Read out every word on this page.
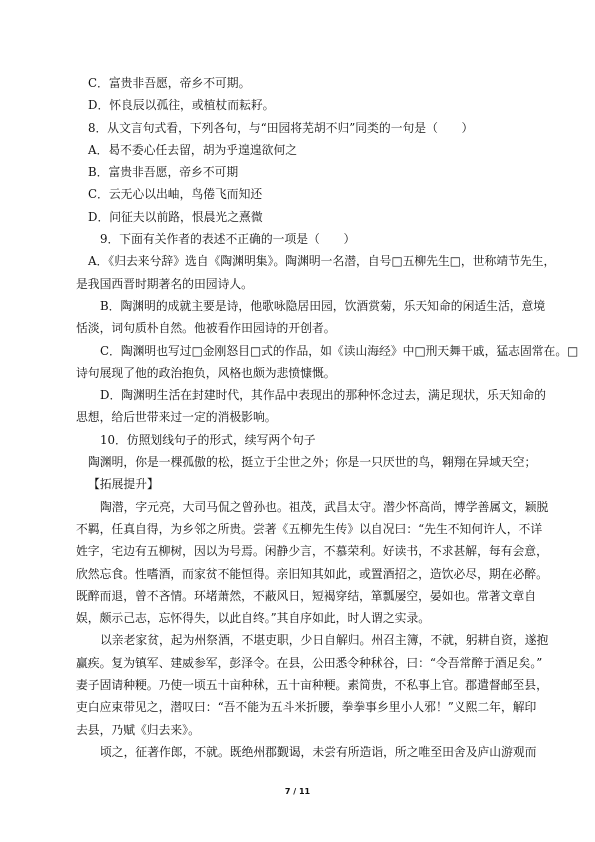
C．富贵非吾愿，帝乡不可期。
D．怀良辰以孤往，或植杖而耘耔。
8．从文言句式看，下列各句，与“田园将芜胡不归”同类的一句是（　　）
A．曷不委心任去留，胡为乎遑遑欲何之
B．富贵非吾愿，帝乡不可期
C．云无心以出岫，鸟倦飞而知还
D．问征夫以前路，恨晨光之熹微
9．下面有关作者的表述不正确的一项是（　　）
A．《归去来兮辞》选自《陶渊明集》。陶渊明一名潜，自号□五柳先生□，世称靖节先生，
是我国西晋时期著名的田园诗人。
B．陶渊明的成就主要是诗，他歌咏隐居田园，饮酒赏菊，乐天知命的闲适生活，意境
恬淡，词句质朴自然。他被看作田园诗的开创者。
C．陶渊明也写过□金刚怒目□式的作品，如《读山海经》中□刑天舞干戚，猛志固常在。□
诗句展现了他的政治抱负，风格也颇为悲愤慷慨。
D．陶渊明生活在封建时代，其作品中表现出的那种怀念过去，满足现状，乐天知命的
思想，给后世带来过一定的消极影响。
10．仿照划线句子的形式，续写两个句子
陶渊明，你是一棵孤傲的松，挺立于尘世之外；你是一只厌世的鸟，翱翔在异域天空；
【拓展提升】
陶潜，字元亮，大司马侃之曾孙也。祖茂，武昌太守。潜少怀高尚，博学善属文，颖脱
不羁，任真自得，为乡邻之所贵。尝著《五柳先生传》以自况曰：“先生不知何许人，不详
姓字，宅边有五柳树，因以为号焉。闲静少言，不慕荣利。好读书，不求甚解，每有会意，
欣然忘食。性嗜酒，而家贫不能恒得。亲旧知其如此，或置酒招之，造饮必尽，期在必醉。
既醉而退，曾不吝情。环堵萧然，不蔽风日，短褐穿结，箪瓢屡空，晏如也。常著文章自
娱，颇示己志，忘怀得失，以此自终。”其自序如此，时人谓之实录。
以亲老家贫，起为州祭酒，不堪吏职，少日自解归。州召主簿，不就，躬耕自资，遂抱
赢疾。复为镇军、建威参军，彭泽令。在县，公田悉令种秫谷，曰：“令吾常醉于酒足矣。”
妻子固请种粳。乃使一顷五十亩种秫，五十亩种粳。素简贵，不私事上官。郡遣督邮至县，
吏白应束带见之，潜叹曰：“吾不能为五斗米折腰，拳拳事乡里小人邪！”义熙二年，解印
去县，乃赋《归去来》。
顷之，征著作郎，不就。既绝州郡觐谒，未尝有所造诣，所之唯至田舍及庐山游观而
7 / 11
